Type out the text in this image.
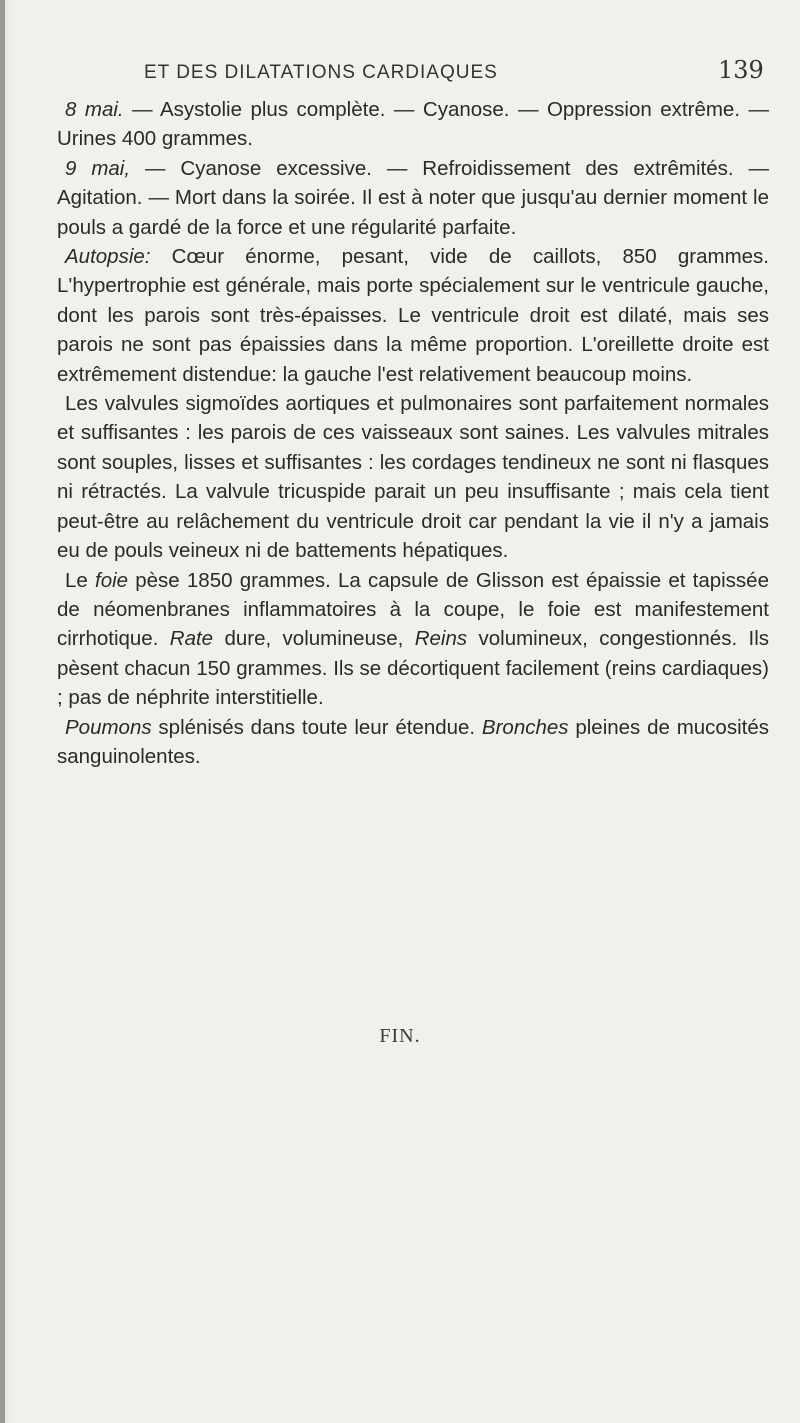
ET DES DILATATIONS CARDIAQUES	139

8 mai. — Asystolie plus complète. — Cyanose. — Oppression extrême. — Urines 400 grammes.

9 mai, — Cyanose excessive. — Refroidissement des extrêmités. — Agitation. — Mort dans la soirée. Il est à noter que jusqu'au dernier moment le pouls a gardé de la force et une régularité parfaite.

Autopsie: Cœur énorme, pesant, vide de caillots, 850 grammes. L'hypertrophie est générale, mais porte spécialement sur le ventricule gauche, dont les parois sont très-épaisses. Le ventricule droit est dilaté, mais ses parois ne sont pas épaissies dans la même proportion. L'oreillette droite est extrêmement distendue: la gauche l'est relativement beaucoup moins.

Les valvules sigmoïdes aortiques et pulmonaires sont parfaitement normales et suffisantes : les parois de ces vaisseaux sont saines. Les valvules mitrales sont souples, lisses et suffisantes : les cordages tendineux ne sont ni flasques ni rétractés. La valvule tricuspide parait un peu insuffisante ; mais cela tient peut-être au relâchement du ventricule droit car pendant la vie il n'y a jamais eu de pouls veineux ni de battements hépatiques.

Le foie pèse 1850 grammes. La capsule de Glisson est épaissie et tapissée de néomenbranes inflammatoires à la coupe, le foie est manifestement cirrhotique. Rate dure, volumineuse, Reins volumineux, congestionnés. Ils pèsent chacun 150 grammes. Ils se décortiquent facilement (reins cardiaques) ; pas de néphrite interstitielle.

Poumons splénisés dans toute leur étendue. Bronches pleines de mucosités sanguinolentes.

FIN.
